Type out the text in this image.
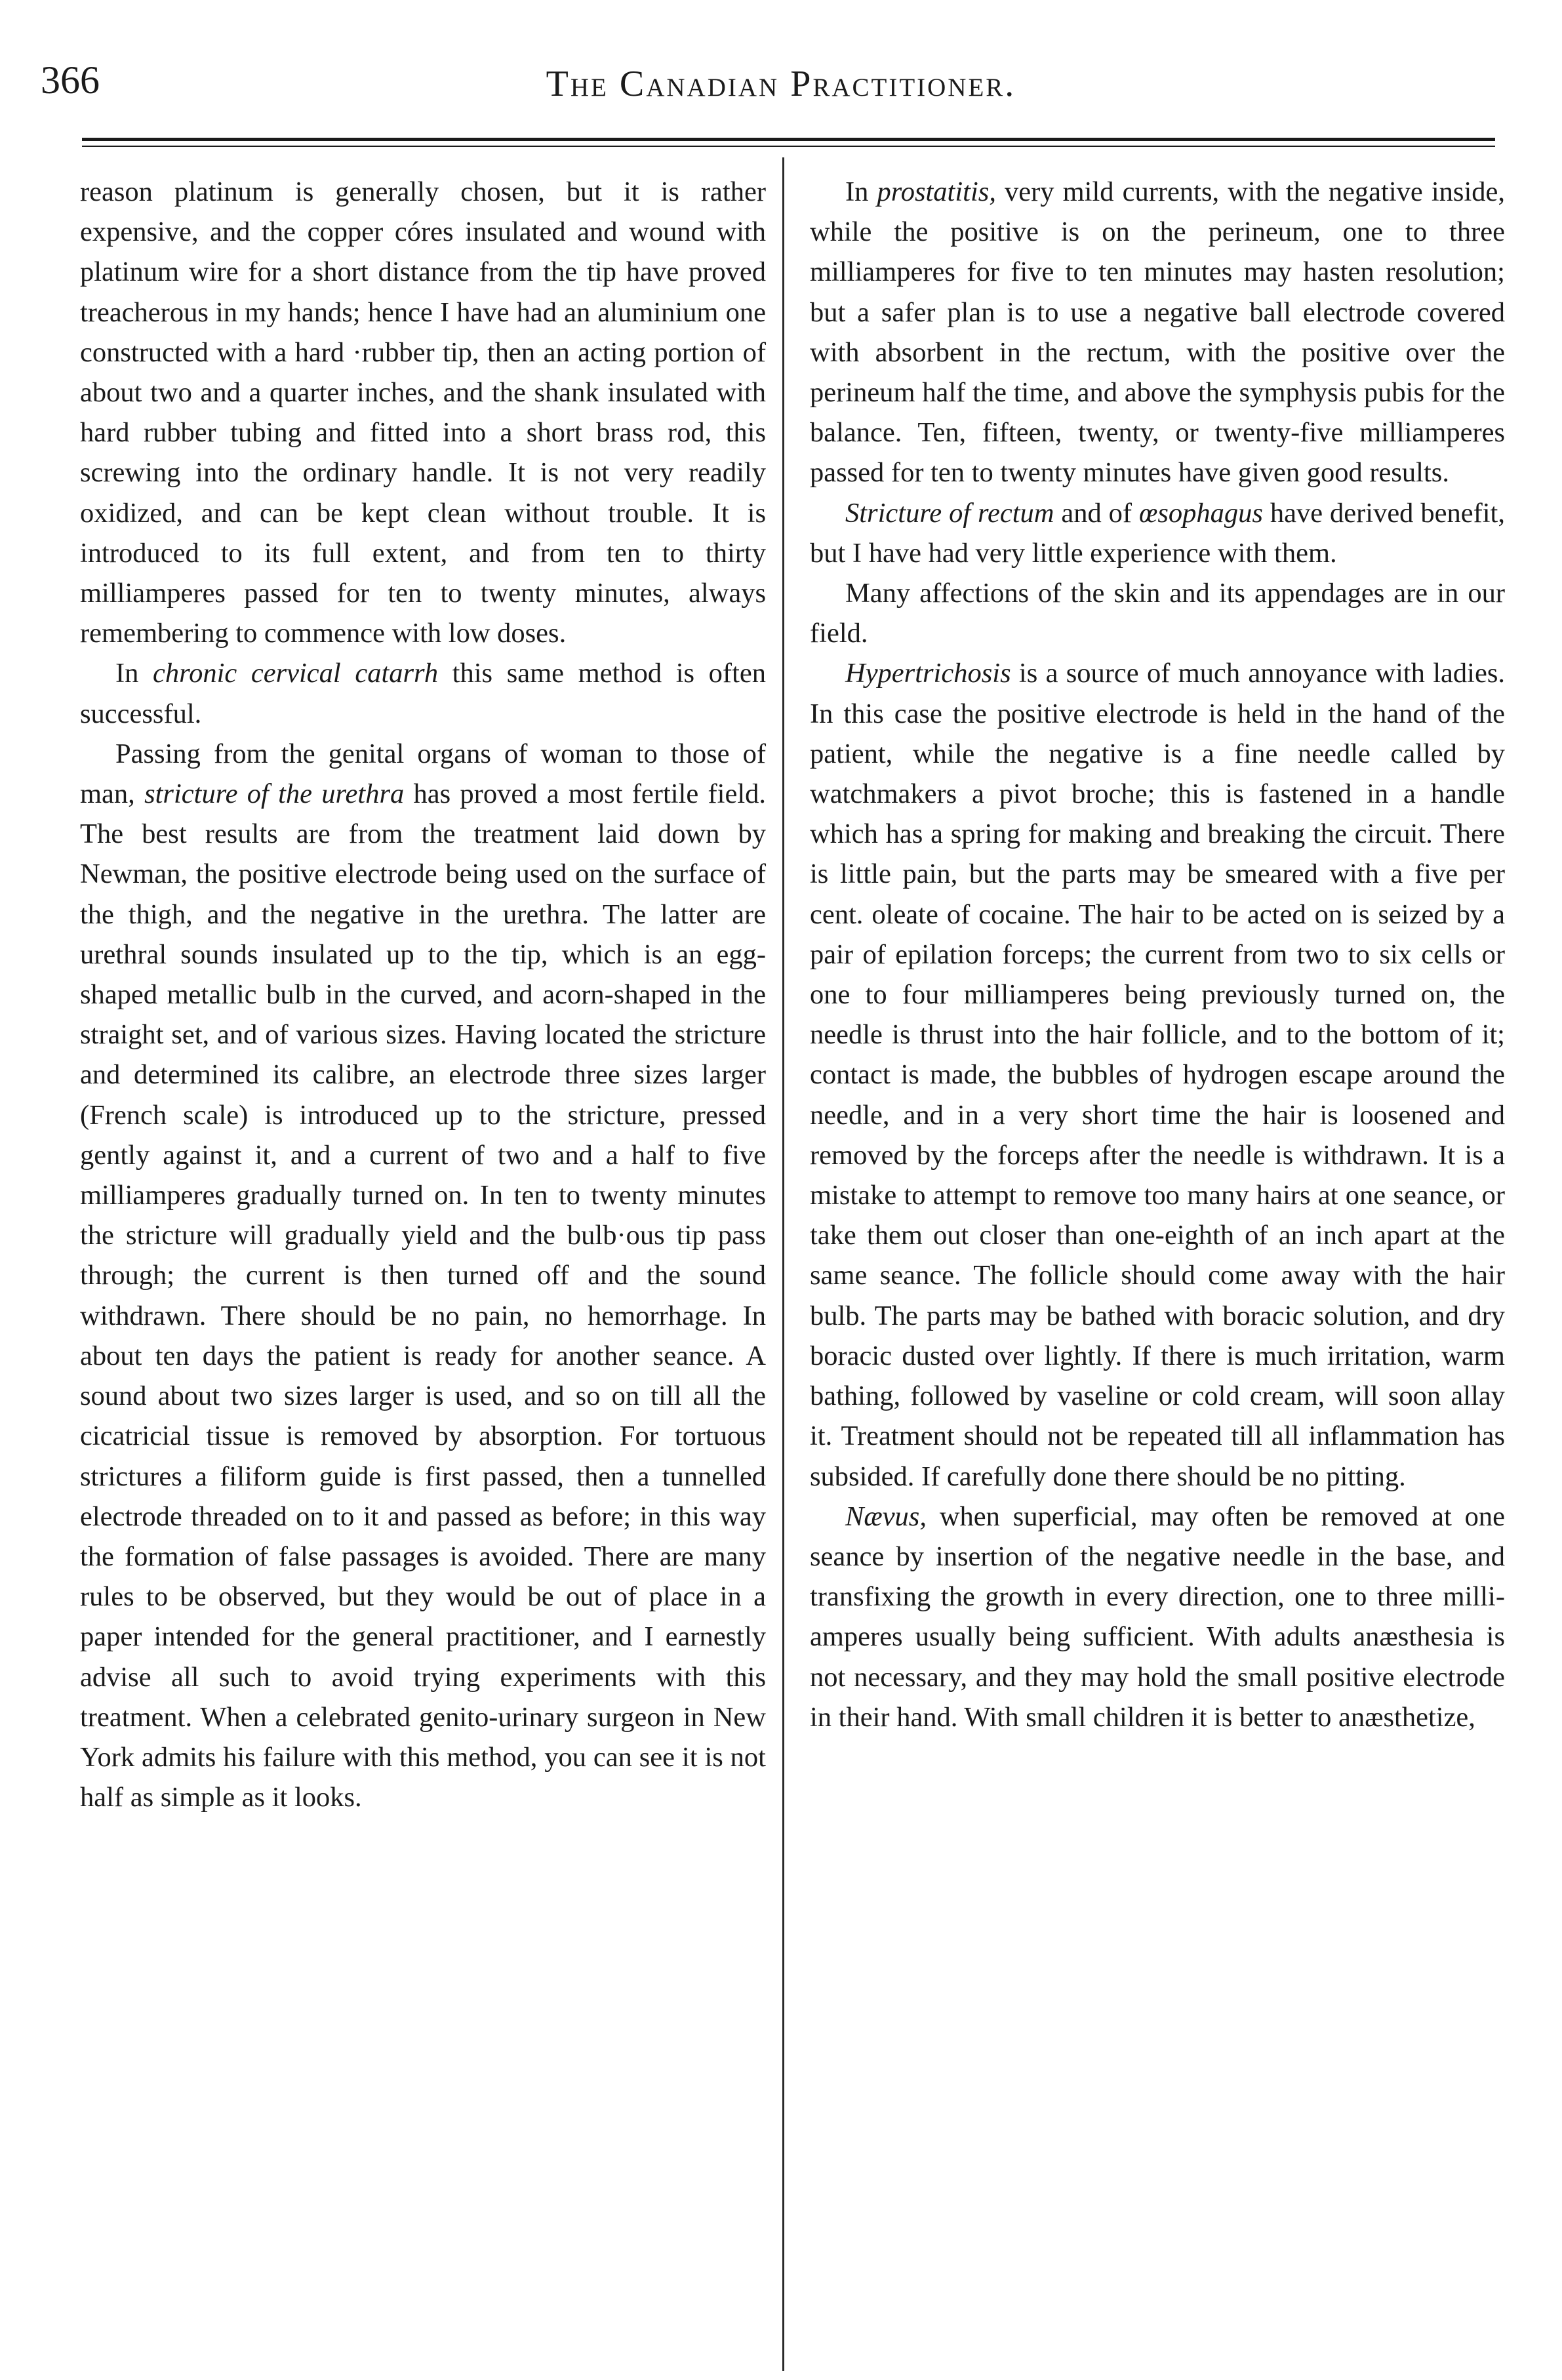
366	The Canadian Practitioner.

reason platinum is generally chosen, but it is rather expensive, and the copper córes insulated and wound with platinum wire for a short distance from the tip have proved treacherous in my hands; hence I have had an aluminium one constructed with a hard ·rubber tip, then an acting portion of about two and a quarter inches, and the shank insulated with hard rubber tubing and fitted into a short brass rod, this screwing into the ordinary handle. It is not very readily oxidized, and can be kept clean without trouble. It is introduced to its full extent, and from ten to thirty milliamperes passed for ten to twenty minutes, always remembering to commence with low doses.

In chronic cervical catarrh this same method is often successful.

Passing from the genital organs of woman to those of man, stricture of the urethra has proved a most fertile field. The best results are from the treatment laid down by Newman, the positive electrode being used on the surface of the thigh, and the negative in the urethra. The latter are urethral sounds insulated up to the tip, which is an egg-shaped metallic bulb in the curved, and acorn-shaped in the straight set, and of various sizes. Having located the stricture and determined its calibre, an electrode three sizes larger (French scale) is introduced up to the stricture, pressed gently against it, and a current of two and a half to five milliamperes gradually turned on. In ten to twenty minutes the stricture will gradually yield and the bulb·ous tip pass through; the current is then turned off and the sound withdrawn. There should be no pain, no hemorrhage. In about ten days the patient is ready for another seance. A sound about two sizes larger is used, and so on till all the cicatricial tissue is removed by absorption. For tortuous strictures a filiform guide is first passed, then a tunnelled electrode threaded on to it and passed as before; in this way the formation of false passages is avoided. There are many rules to be observed, but they would be out of place in a paper intended for the general practitioner, and I earnestly advise all such to avoid trying experiments with this treatment. When a celebrated genito-urinary surgeon in New York admits his failure with this method, you can see it is not half as simple as it looks.

In prostatitis, very mild currents, with the negative inside, while the positive is on the perineum, one to three milliamperes for five to ten minutes may hasten resolution; but a safer plan is to use a negative ball electrode covered with absorbent in the rectum, with the positive over the perineum half the time, and above the symphysis pubis for the balance. Ten, fifteen, twenty, or twenty-five milliamperes passed for ten to twenty minutes have given good results.

Stricture of rectum and of œsophagus have derived benefit, but I have had very little experience with them.

Many affections of the skin and its appendages are in our field.

Hypertrichosis is a source of much annoyance with ladies. In this case the positive electrode is held in the hand of the patient, while the negative is a fine needle called by watchmakers a pivot broche; this is fastened in a handle which has a spring for making and breaking the circuit. There is little pain, but the parts may be smeared with a five per cent. oleate of cocaine. The hair to be acted on is seized by a pair of epilation forceps; the current from two to six cells or one to four milliamperes being previously turned on, the needle is thrust into the hair follicle, and to the bottom of it; contact is made, the bubbles of hydrogen escape around the needle, and in a very short time the hair is loosened and removed by the forceps after the needle is withdrawn. It is a mistake to attempt to remove too many hairs at one seance, or take them out closer than one-eighth of an inch apart at the same seance. The follicle should come away with the hair bulb. The parts may be bathed with boracic solution, and dry boracic dusted over lightly. If there is much irritation, warm bathing, followed by vaseline or cold cream, will soon allay it. Treatment should not be repeated till all inflammation has subsided. If carefully done there should be no pitting.

Nævus, when superficial, may often be removed at one seance by insertion of the negative needle in the base, and transfixing the growth in every direction, one to three milliamperes usually being sufficient. With adults anæsthesia is not necessary, and they may hold the small positive electrode in their hand. With small children it is better to anæsthetize,
